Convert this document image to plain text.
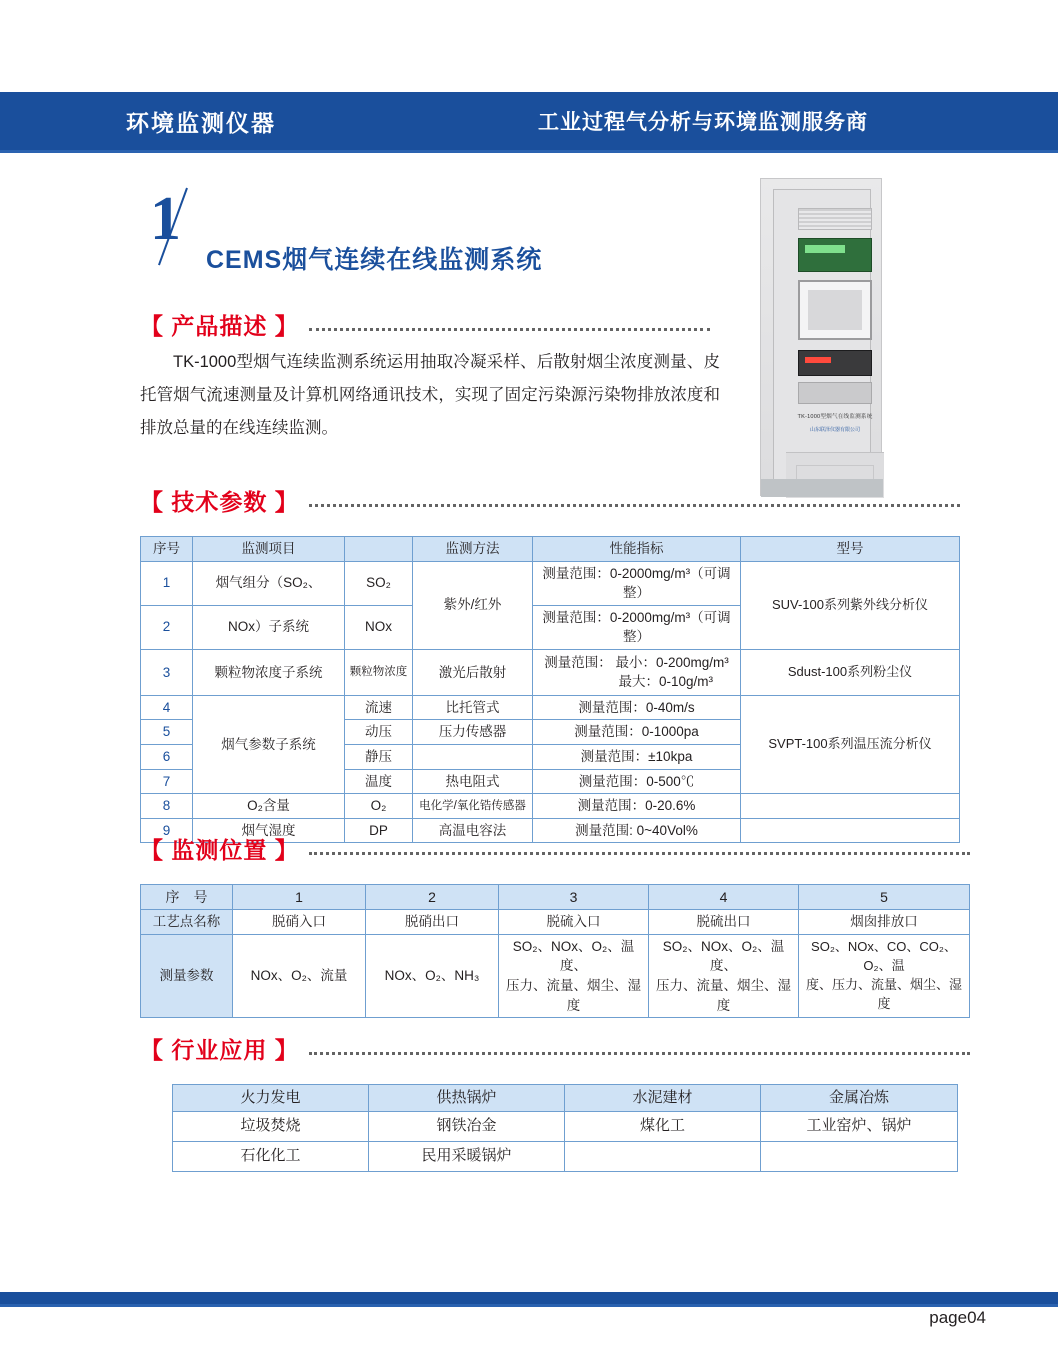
环境监测仪器	工业过程气分析与环境监测服务商
1
CEMS烟气连续在线监测系统
【 产品描述 】
TK-1000型烟气连续监测系统运用抽取冷凝采样、后散射烟尘浓度测量、皮托管烟气流速测量及计算机网络通讯技术，实现了固定污染源污染物排放浓度和排放总量的在线连续监测。
TK-1000型烟气在线监测系统
山东联泽仪器有限公司
【 技术参数 】
序号	监测项目		监测方法	性能指标	型号
1	烟气组分（SO₂、	SO₂	紫外/红外	测量范围：0-2000mg/m³（可调整）	SUV-100系列紫外线分析仪
2	NOx）子系统	NOx		测量范围：0-2000mg/m³（可调整）	
3	颗粒物浓度子系统	颗粒物浓度	激光后散射	测量范围： 最小：0-200mg/m³
最大：0-10g/m³	Sdust-100系列粉尘仪
4	烟气参数子系统	流速	比托管式	测量范围：0-40m/s	SVPT-100系列温压流分析仪
5		动压	压力传感器	测量范围：0-1000pa	
6		静压		测量范围：±10kpa	
7		温度	热电阻式	测量范围：0-500℃	
8	O₂含量	O₂	电化学/氧化锆传感器	测量范围：0-20.6%	
9	烟气湿度	DP	高温电容法	测量范围: 0~40Vol%	
【 监测位置 】
序　号	1	2	3	4	5
工艺点名称	脱硝入口	脱硝出口	脱硫入口	脱硫出口	烟囱排放口
测量参数	NOx、O₂、流量	NOx、O₂、NH₃	
SO₂、NOx、O₂、温度、
压力、流量、烟尘、湿度

SO₂、NOx、O₂、温度、
压力、流量、烟尘、湿度

SO₂、NOx、CO、CO₂、O₂、温
度、压力、流量、烟尘、湿度
【 行业应用 】
火力发电	供热锅炉	水泥建材	金属冶炼
垃圾焚烧	钢铁冶金	煤化工	工业窑炉、锅炉
石化化工	民用采暖锅炉		
page04
